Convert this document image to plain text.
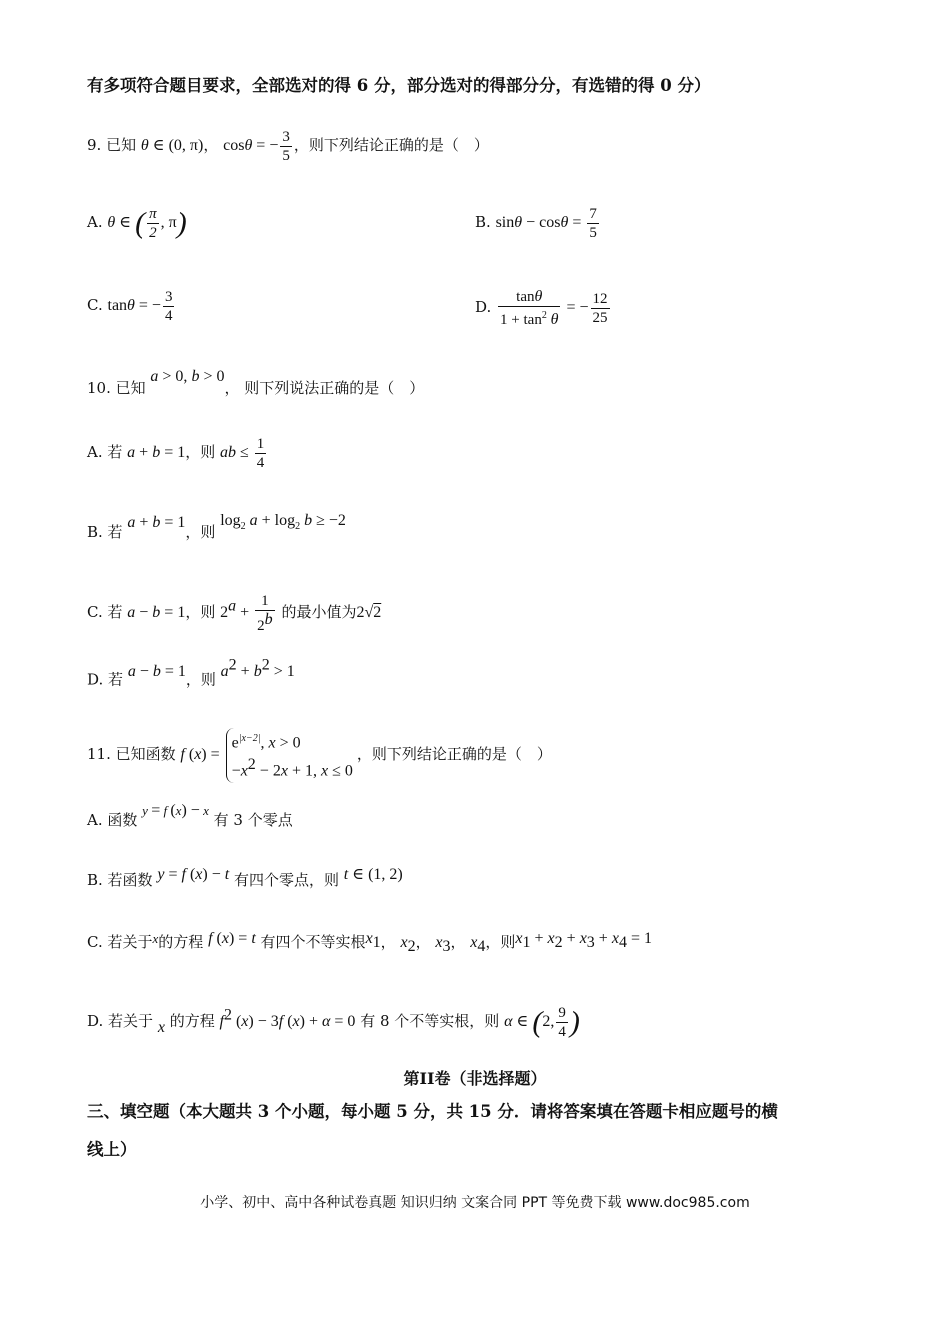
有多项符合题目要求，全部选对的得 6 分，部分选对的得部分分，有选错的得 0 分）
9. 已知 θ ∈ (0, π)， cosθ = − $\frac{3}{5}$ ，则下列结论正确的是（　）
A. θ ∈ ( $\frac{\pi}{2}$ , π)	B. $\sin\theta - \cos\theta = \frac{7}{5}$
C. tanθ = − $\frac{3}{4}$	D. $\frac{\tan\theta}{1 + \tan^2 \theta}$ = − $\frac{12}{25}$
10. 已知 a > 0, b > 0， 则下列说法正确的是（　）
A. 若 a + b = 1，则 ab ≤ $\frac{1}{4}$
B. 若 a + b = 1，则 $\log_2 a + \log_2 b \ge -2$
C. 若 a − b = 1，则 $2^a + \frac{1}{2^b}$ 的最小值为2√2
D. 若 a − b = 1，则 $a^2 + b^2 > 1$
11. 已知函数 f (x) =
$e^{|x-2|}$, x > 0
$-x^2 - 2x + 1$, x ≤ 0
，则下列结论正确的是（　）
A. 函数 y = f (x) − x 有 3 个零点
B. 若函数 y = f (x) − t 有四个零点，则 t ∈ (1, 2)
C. 若关于x的方程 f (x) = t 有四个不等实根$x_1$， $x_2$， $x_3$， $x_4$，则$x_1 + x_2 + x_3 + x_4 = 1$
D. 若关于 x 的方程 $f^2$ (x) − 3f (x) + α = 0 有 8 个不等实根，则 α ∈ (2, $\frac{9}{4}$ )
第II卷（非选择题）
三、填空题（本大题共 3 个小题，每小题 5 分，共 15 分．请将答案填在答题卡相应题号的横
线上）
小学、初中、高中各种试卷真题 知识归纳 文案合同 PPT 等免费下载 www.doc985.com
